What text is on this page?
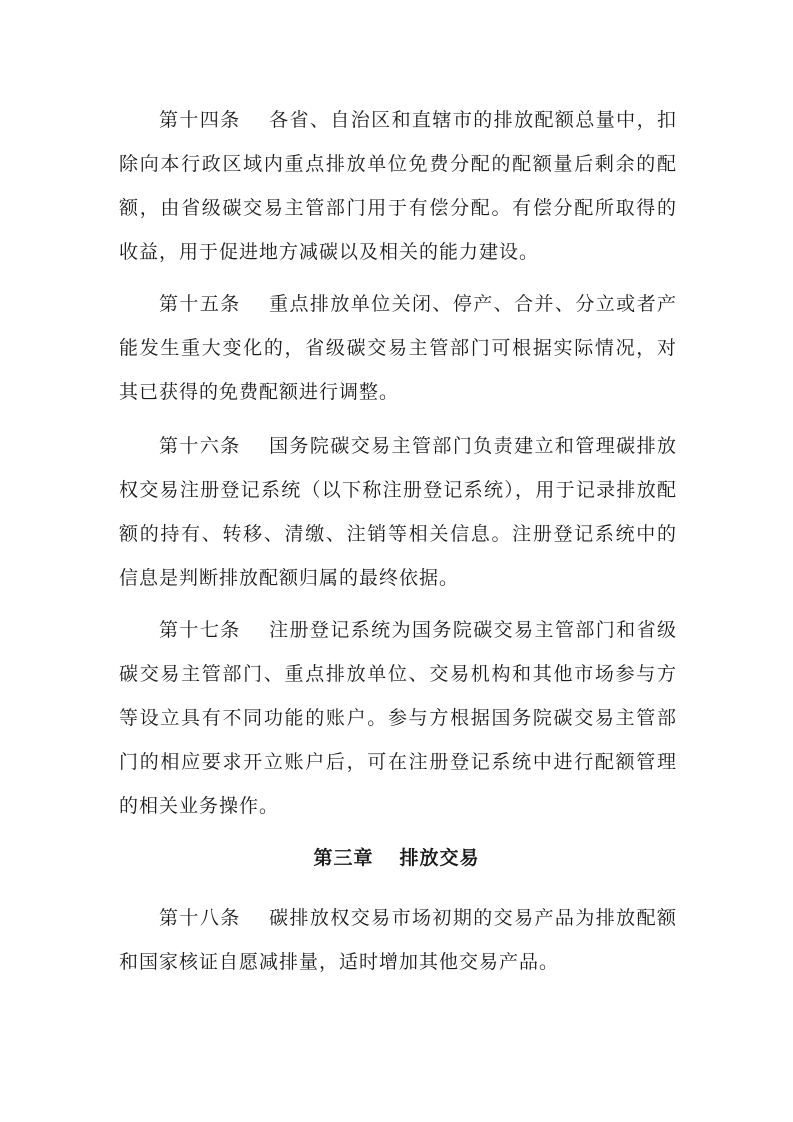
第十四条 各省、自治区和直辖市的排放配额总量中，扣除向本行政区域内重点排放单位免费分配的配额量后剩余的配额，由省级碳交易主管部门用于有偿分配。有偿分配所取得的收益，用于促进地方减碳以及相关的能力建设。

第十五条 重点排放单位关闭、停产、合并、分立或者产能发生重大变化的，省级碳交易主管部门可根据实际情况，对其已获得的免费配额进行调整。

第十六条 国务院碳交易主管部门负责建立和管理碳排放权交易注册登记系统（以下称注册登记系统），用于记录排放配额的持有、转移、清缴、注销等相关信息。注册登记系统中的信息是判断排放配额归属的最终依据。

第十七条 注册登记系统为国务院碳交易主管部门和省级碳交易主管部门、重点排放单位、交易机构和其他市场参与方等设立具有不同功能的账户。参与方根据国务院碳交易主管部门的相应要求开立账户后，可在注册登记系统中进行配额管理的相关业务操作。

第三章 排放交易

第十八条 碳排放权交易市场初期的交易产品为排放配额和国家核证自愿减排量，适时增加其他交易产品。
